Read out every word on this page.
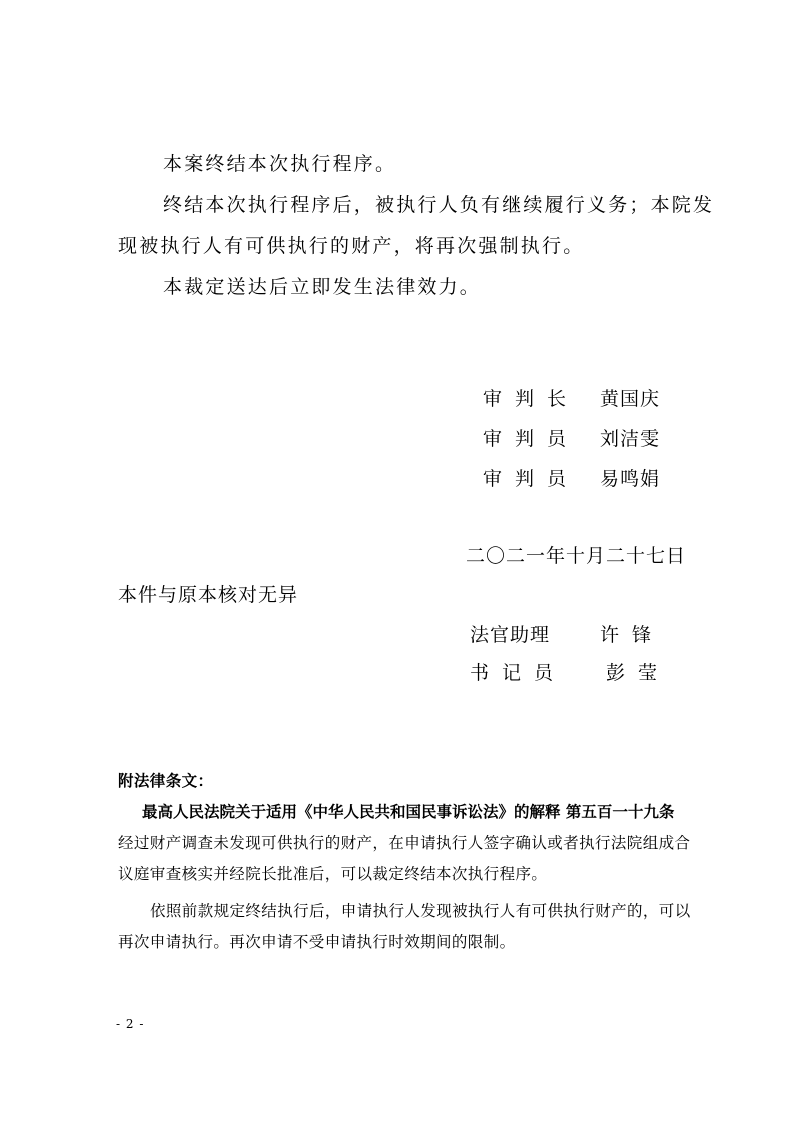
本案终结本次执行程序。
终结本次执行程序后，被执行人负有继续履行义务；本院发
现被执行人有可供执行的财产，将再次强制执行。
本裁定送达后立即发生法律效力。
审判长 黄国庆
审判员 刘洁雯
审判员 易鸣娟
二〇二一年十月二十七日
本件与原本核对无异
法官助理	许锋
书记员 彭莹
附法律条文：
最高人民法院关于适用《中华人民共和国民事诉讼法》的解释 第五百一十九条
经过财产调查未发现可供执行的财产，在申请执行人签字确认或者执行法院组成合
议庭审查核实并经院长批准后，可以裁定终结本次执行程序。
依照前款规定终结执行后，申请执行人发现被执行人有可供执行财产的，可以
再次申请执行。再次申请不受申请执行时效期间的限制。
- 2 -
